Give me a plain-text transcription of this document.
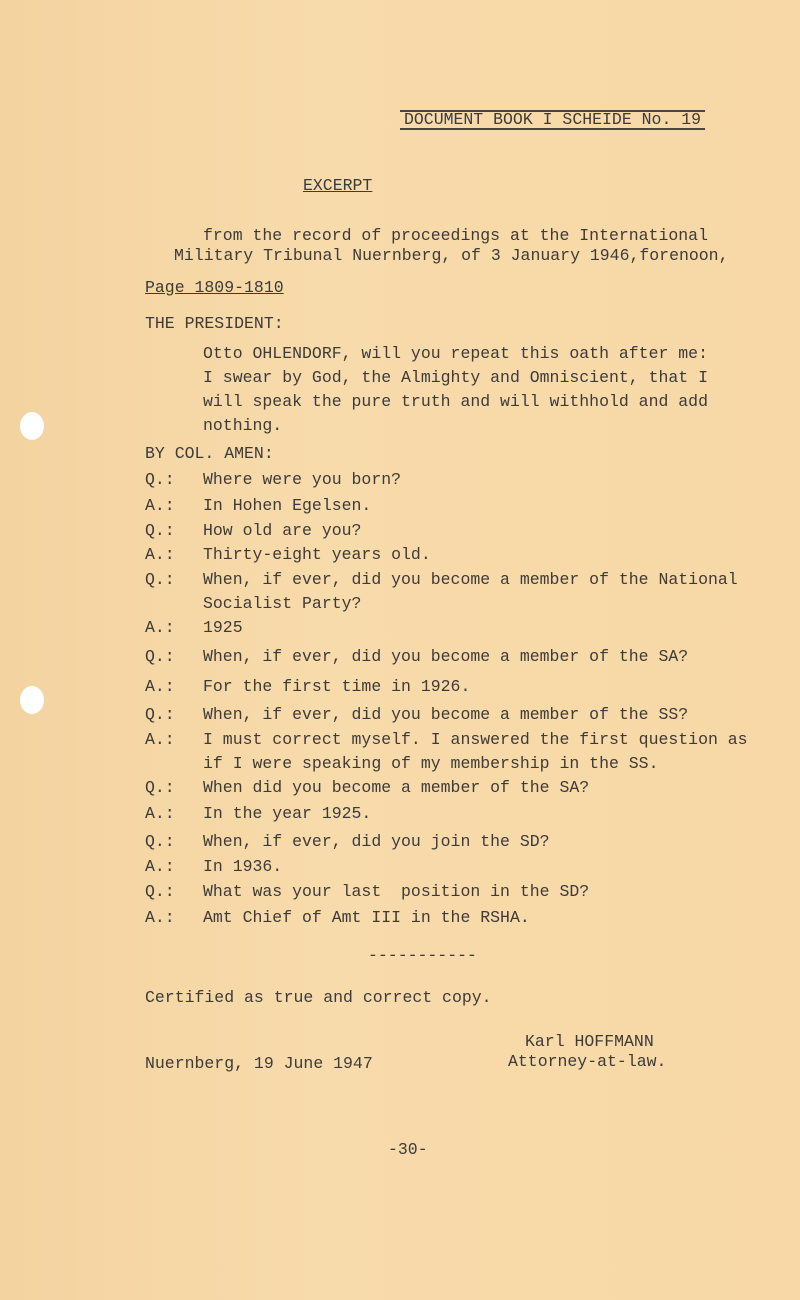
DOCUMENT BOOK I SCHEIDE No. 19
EXCERPT
from the record of proceedings at the International
Military Tribunal Nuernberg, of 3 January 1946,forenoon,
Page 1809-1810
THE PRESIDENT:
Otto OHLENDORF, will you repeat this oath after me:
I swear by God, the Almighty and Omniscient, that I
will speak the pure truth and will withhold and add
nothing.
BY COL. AMEN:
Q.: Where were you born?
A.: In Hohen Egelsen.
Q.: How old are you?
A.: Thirty-eight years old.
Q.: When, if ever, did you become a member of the National
Socialist Party?
A.: 1925
Q.: When, if ever, did you become a member of the SA?
A.: For the first time in 1926.
Q.: When, if ever, did you become a member of the SS?
A.: I must correct myself. I answered the first question as
if I were speaking of my membership in the SS.
Q.: When did you become a member of the SA?
A.: In the year 1925.
Q.: When, if ever, did you join the SD?
A.: In 1936.
Q.: What was your last  position in the SD?
A.: Amt Chief of Amt III in the RSHA.
-----------
Certified as true and correct copy.
Karl HOFFMANN
Attorney-at-law.
Nuernberg, 19 June 1947
-30-
